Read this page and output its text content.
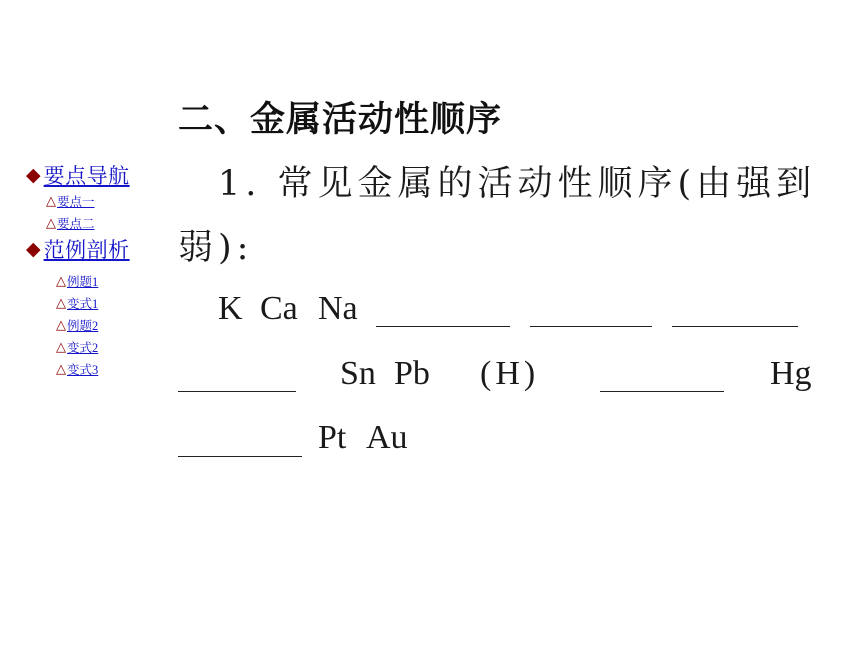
◆ 要点导航
△ 要点一
△ 要点二
◆ 范例剖析
△ 例题1
△ 变式1
△ 例题2
△ 变式2
△ 变式3
二、金属活动性顺序
1. 常见金属的活动性顺序(由强到
弱):
K Ca Na
Sn Pb (H)	Hg
Pt Au
